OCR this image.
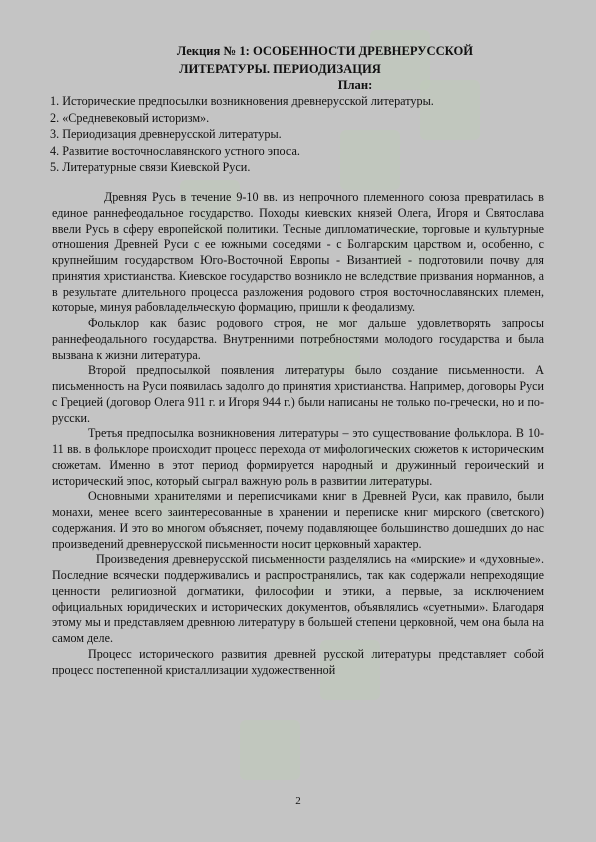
Лекция № 1: ОСОБЕННОСТИ ДРЕВНЕРУССКОЙ
ЛИТЕРАТУРЫ. ПЕРИОДИЗАЦИЯ
План:
1. Исторические предпосылки возникновения древнерусской литературы.
2. «Средневековый историзм».
3. Периодизация древнерусской литературы.
4. Развитие восточнославянского устного эпоса.
5. Литературные связи Киевской Руси.

Древняя Русь в течение 9-10 вв. из непрочного племенного союза превратилась в единое раннефеодальное государство. Походы киевских князей Олега, Игоря и Святослава ввели Русь в сферу европейской политики. Тесные дипломатические, торговые и культурные отношения Древней Руси с ее южными соседями - с Болгарским царством и, особенно, с крупнейшим государством Юго-Восточной Европы - Византией - подготовили почву для принятия христианства. Киевское государство возникло не вследствие призвания норманнов, а в результате длительного процесса разложения родового строя восточнославянских племен, которые, минуя рабовладельческую формацию, пришли к феодализму.

Фольклор как базис родового строя, не мог дальше удовлетворять запросы раннефеодального государства. Внутренними потребностями молодого государства и была вызвана к жизни литература.

Второй предпосылкой появления литературы было создание письменности. А письменность на Руси появилась задолго до принятия христианства. Например, договоры Руси с Грецией (договор Олега 911 г. и Игоря 944 г.) были написаны не только по-гречески, но и по-русски.

Третья предпосылка возникновения литературы – это существование фольклора. В 10-11 вв. в фольклоре происходит процесс перехода от мифологических сюжетов к историческим сюжетам. Именно в этот период формируется народный и дружинный героический и исторический эпос, который сыграл важную роль в развитии литературы.

Основными хранителями и переписчиками книг в Древней Руси, как правило, были монахи, менее всего заинтересованные в хранении и переписке книг мирского (светского) содержания. И это во многом объясняет, почему подавляющее большинство дошедших до нас произведений древнерусской письменности носит церковный характер.

Произведения древнерусской письменности разделялись на «мирские» и «духовные». Последние всячески поддерживались и распространялись, так как содержали непреходящие ценности религиозной догматики, философии и этики, а первые, за исключением официальных юридических и исторических документов, объявлялись «суетными». Благодаря этому мы и представляем древнюю литературу в большей степени церковной, чем она была на самом деле.

Процесс исторического развития древней русской литературы представляет собой процесс постепенной кристаллизации художественной

2
